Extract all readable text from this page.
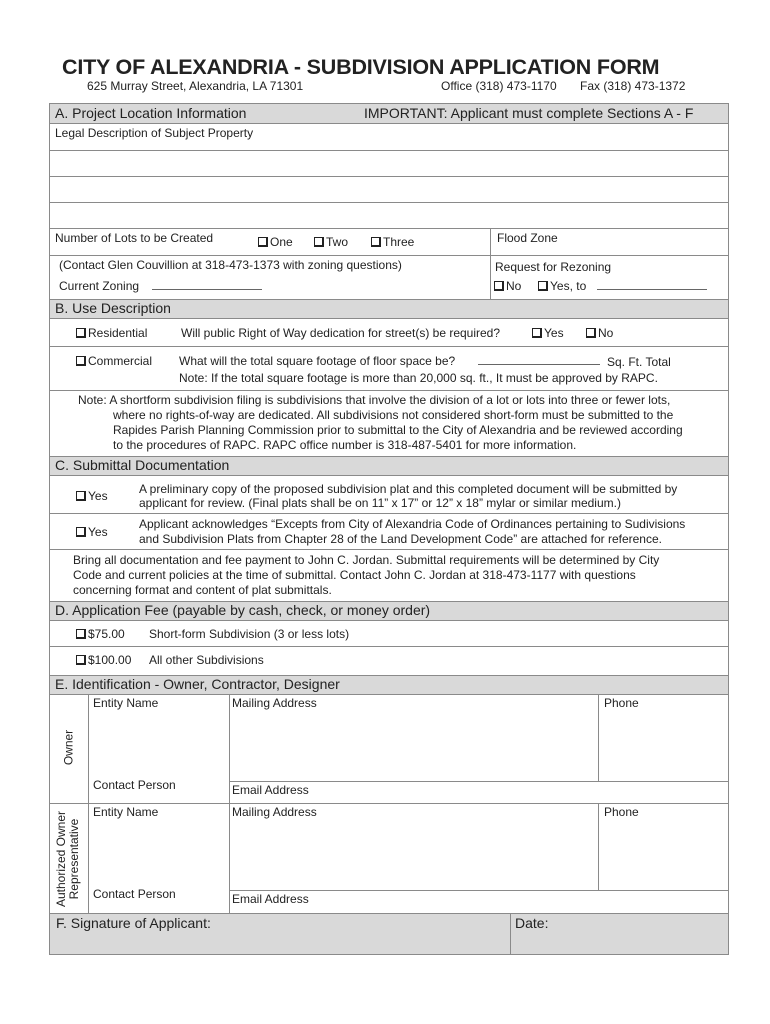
CITY OF ALEXANDRIA - SUBDIVISION APPLICATION FORM
625 Murray Street, Alexandria, LA 71301	Office (318) 473-1170 Fax (318) 473-1372
A. Project Location Information	IMPORTANT: Applicant must complete Sections A - F
Legal Description of Subject Property
Number of Lots to be Created	One	Two	Three	Flood Zone
(Contact Glen Couvillion at 318-473-1373 with zoning questions)
Current Zoning
Request for Rezoning
No	Yes, to
B. Use Description
Residential	Will public Right of Way dedication for street(s) be required?	Yes	No
Commercial What will the total square footage of floor space be?	Sq. Ft. Total
Note: If the total square footage is more than 20,000 sq. ft., It must be approved by RAPC.
Note: A shortform subdivision filing is subdivisions that involve the division of a lot or lots into three or fewer lots,
where no rights-of-way are dedicated. All subdivisions not considered short-form must be submitted to the
Rapides Parish Planning Commission prior to submittal to the City of Alexandria and be reviewed according
to the procedures of RAPC. RAPC office number is 318-487-5401 for more information.
C. Submittal Documentation
Yes	A preliminary copy of the proposed subdivision plat and this completed document will be submitted by
applicant for review. (Final plats shall be on 11” x 17” or 12” x 18” mylar or similar medium.)
Yes
Applicant acknowledges “Excepts from City of Alexandria Code of Ordinances pertaining to Sudivisions
and Subdivision Plats from Chapter 28 of the Land Development Code” are attached for reference.
Bring all documentation and fee payment to John C. Jordan. Submittal requirements will be determined by City
Code and current policies at the time of submittal. Contact John C. Jordan at 318-473-1177 with questions
concerning format and content of plat submittals.
D. Application Fee (payable by cash, check, or money order)
$75.00 Short-form Subdivision (3 or less lots)
$100.00 All other Subdivisions
E. Identification - Owner, Contractor, Designer
Owner
Entity Name	Mailing Address	Phone
Contact Person	Email Address
Authorized Owner
Representative
Entity Name	Mailing Address	Phone
Contact Person	Email Address
F. Signature of Applicant:	Date:
